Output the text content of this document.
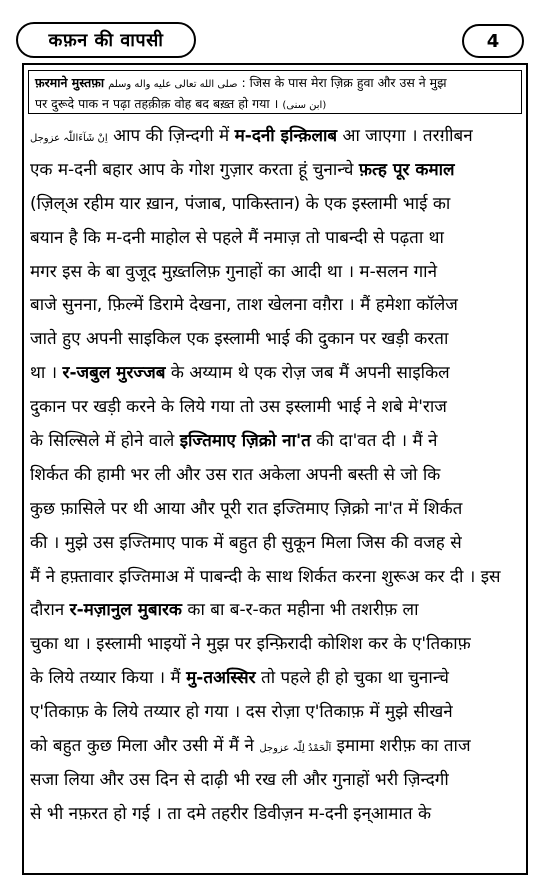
कफ़न की वापसी	4
फ़रमाने मुस्तफ़ा صلى الله تعالى عليه واله وسلم : जिस के पास मेरा ज़िक्र हुवा और उस ने मुझ
पर दुरूदे पाक न पढ़ा तहक़ीक़ वोह बद बख़्त हो गया । (ابن سنی)
اِنْ شَآءَاللّٰہ عزوجل आप की ज़िन्दगी में म-दनी इन्क़िलाब आ जाएगा । तरग़ीबन
एक म-दनी बहार आप के गोश गुज़ार करता हूं चुनान्चे फ़त्ह पूर कमाल
(ज़िल्अ रहीम यार ख़ान, पंजाब, पाकिस्तान) के एक इस्लामी भाई का
बयान है कि म-दनी माहोल से पहले मैं नमाज़ तो पाबन्दी से पढ़ता था
मगर इस के बा वुजूद मुख़्तलिफ़ गुनाहों का आदी था । म-सलन गाने
बाजे सुनना, फ़िल्में डिरामे देखना, ताश खेलना वग़ैरा । मैं हमेशा कॉलेज
जाते हुए अपनी साइकिल एक इस्लामी भाई की दुकान पर खड़ी करता
था । र-जबुल मुरज्जब के अय्याम थे एक रोज़ जब मैं अपनी साइकिल
दुकान पर खड़ी करने के लिये गया तो उस इस्लामी भाई ने शबे मे'राज
के सिल्सिले में होने वाले इज्तिमाए ज़िक्रो ना'त की दा'वत दी । मैं ने
शिर्कत की हामी भर ली और उस रात अकेला अपनी बस्ती से जो कि
कुछ फ़ासिले पर थी आया और पूरी रात इज्तिमाए ज़िक्रो ना'त में शिर्कत
की । मुझे उस इज्तिमाए पाक में बहुत ही सुकून मिला जिस की वजह से
मैं ने हफ़्तावार इज्तिमाअ में पाबन्दी के साथ शिर्कत करना शुरूअ कर दी । इस
दौरान र-मज़ानुल मुबारक का बा ब-र-कत महीना भी तशरीफ़ ला
चुका था । इस्लामी भाइयों ने मुझ पर इन्फ़िरादी कोशिश कर के ए'तिकाफ़
के लिये तय्यार किया । मैं मु-तअस्सिर तो पहले ही हो चुका था चुनान्चे
ए'तिकाफ़ के लिये तय्यार हो गया । दस रोज़ा ए'तिकाफ़ में मुझे सीखने
को बहुत कुछ मिला और उसी में मैं ने اَلْحَمْدُ لِلّٰہ عزوجل इमामा शरीफ़ का ताज
सजा लिया और उस दिन से दाढ़ी भी रख ली और गुनाहों भरी ज़िन्दगी
से भी नफ़रत हो गई । ता दमे तहरीर डिवीज़न म-दनी इन्आमात के
